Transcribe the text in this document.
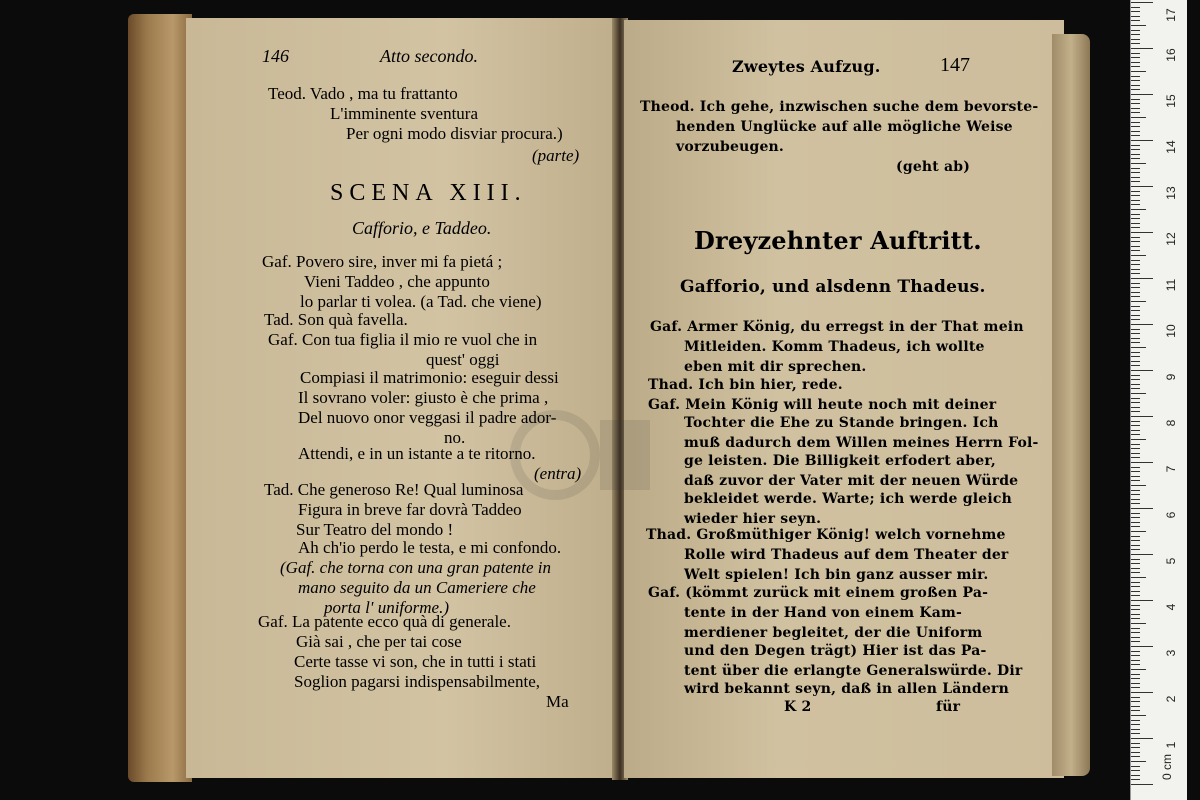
146	Atto secondo.
Teod. Vado , ma tu frattanto
L'imminente sventura
Per ogni modo disviar procura.)
(parte)
SCENA XIII.
Cafforio, e Taddeo.
Gaf. Povero sire, inver mi fa pietá ;
Vieni Taddeo , che appunto
lo parlar ti volea. (a Tad. che viene)
Tad. Son quà favella.
Gaf. Con tua figlia il mio re vuol che in
quest' oggi
Compiasi il matrimonio: eseguir dessi
Il sovrano voler: giusto è che prima ,
Del nuovo onor veggasi il padre ador-
no.
Attendi, e in un istante a te ritorno.
(entra)
Tad. Che generoso Re! Qual luminosa
Figura in breve far dovrà Taddeo
Sur Teatro del mondo !
Ah ch'io perdo le testa, e mi confondo.
(Gaf. che torna con una gran patente in
mano seguito da un Cameriere che
porta l' uniforme.)
Gaf. La patente ecco quà di generale.
Già sai , che per tai cose
Certe tasse vi son, che in tutti i stati
Soglion pagarsi indispensabilmente,
Ma
Zweytes Aufzug.	147
Theod. Ich gehe, inzwischen suche dem bevorste-
henden Unglücke auf alle mögliche Weise
vorzubeugen.
(geht ab)
Dreyzehnter Auftritt.
Gafforio, und alsdenn Thadeus.
Gaf. Armer König, du erregst in der That mein
Mitleiden. Komm Thadeus, ich wollte
eben mit dir sprechen.
Thad. Ich bin hier, rede.
Gaf. Mein König will heute noch mit deiner
Tochter die Ehe zu Stande bringen. Ich
muß dadurch dem Willen meines Herrn Fol-
ge leisten. Die Billigkeit erfodert aber,
daß zuvor der Vater mit der neuen Würde
bekleidet werde. Warte; ich werde gleich
wieder hier seyn.
Thad. Großmüthiger König! welch vornehme
Rolle wird Thadeus auf dem Theater der
Welt spielen! Ich bin ganz ausser mir.
Gaf. (kömmt zurück mit einem großen Pa-
tente in der Hand von einem Kam-
merdiener begleitet, der die Uniform
und den Degen trägt) Hier ist das Pa-
tent über die erlangte Generalswürde. Dir
wird bekannt seyn, daß in allen Ländern
K 2	für
0 cm
1
2
3
4
5
6
7
8
9
10
11
12
13
14
15
16
17
